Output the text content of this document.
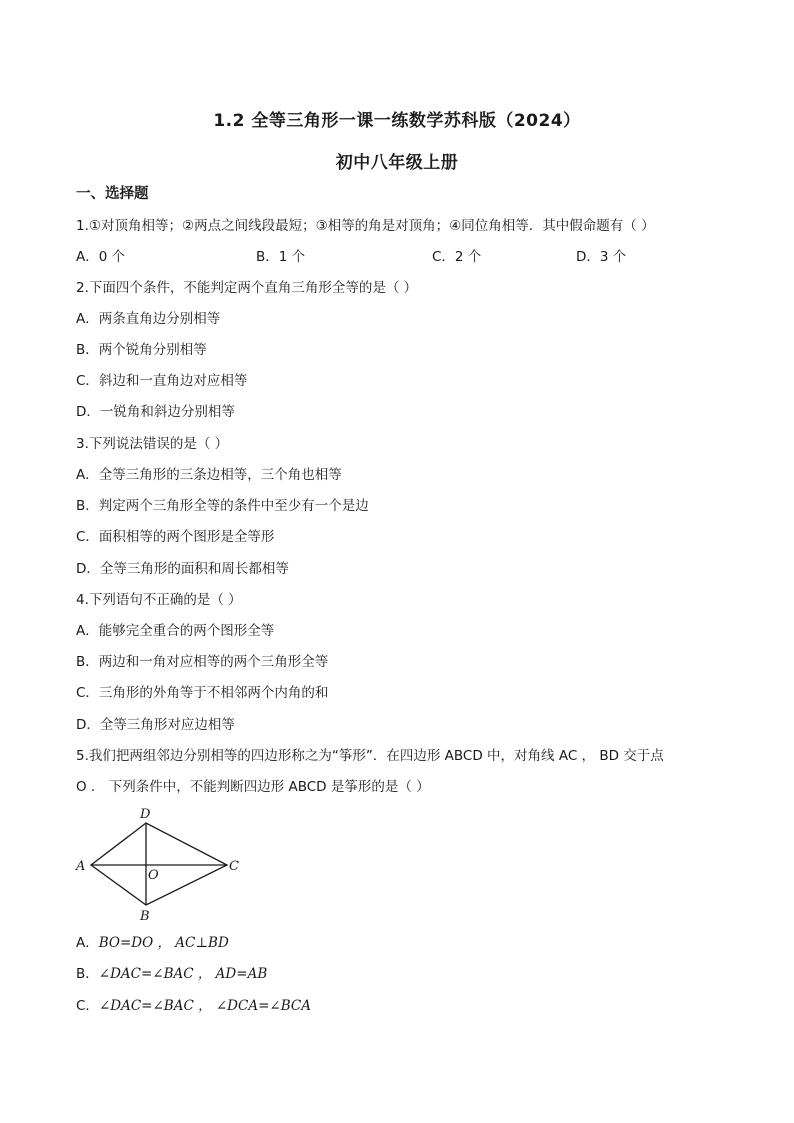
1.2 全等三角形一课一练数学苏科版（2024）
初中八年级上册
一、选择题
1.①对顶角相等；②两点之间线段最短；③相等的角是对顶角；④同位角相等．其中假命题有（ ）
A．0 个	B．1 个	C．2 个	D．3 个
2.下面四个条件，不能判定两个直角三角形全等的是（ ）
A．两条直角边分别相等
B．两个锐角分别相等
C．斜边和一直角边对应相等
D．一锐角和斜边分别相等
3.下列说法错误的是（ ）
A．全等三角形的三条边相等，三个角也相等
B．判定两个三角形全等的条件中至少有一个是边
C．面积相等的两个图形是全等形
D．全等三角形的面积和周长都相等
4.下列语句不正确的是（ ）
A．能够完全重合的两个图形全等
B．两边和一角对应相等的两个三角形全等
C．三角形的外角等于不相邻两个内角的和
D．全等三角形对应边相等
5.我们把两组邻边分别相等的四边形称之为“筝形”．在四边形 ABCD 中，对角线 AC ， BD 交于点
O ． 下列条件中，不能判断四边形 ABCD 是筝形的是（ ）
A
D
C
B
O
A．BO=DO ， AC⊥BD
B．∠DAC=∠BAC ， AD=AB
C．∠DAC=∠BAC ， ∠DCA=∠BCA
